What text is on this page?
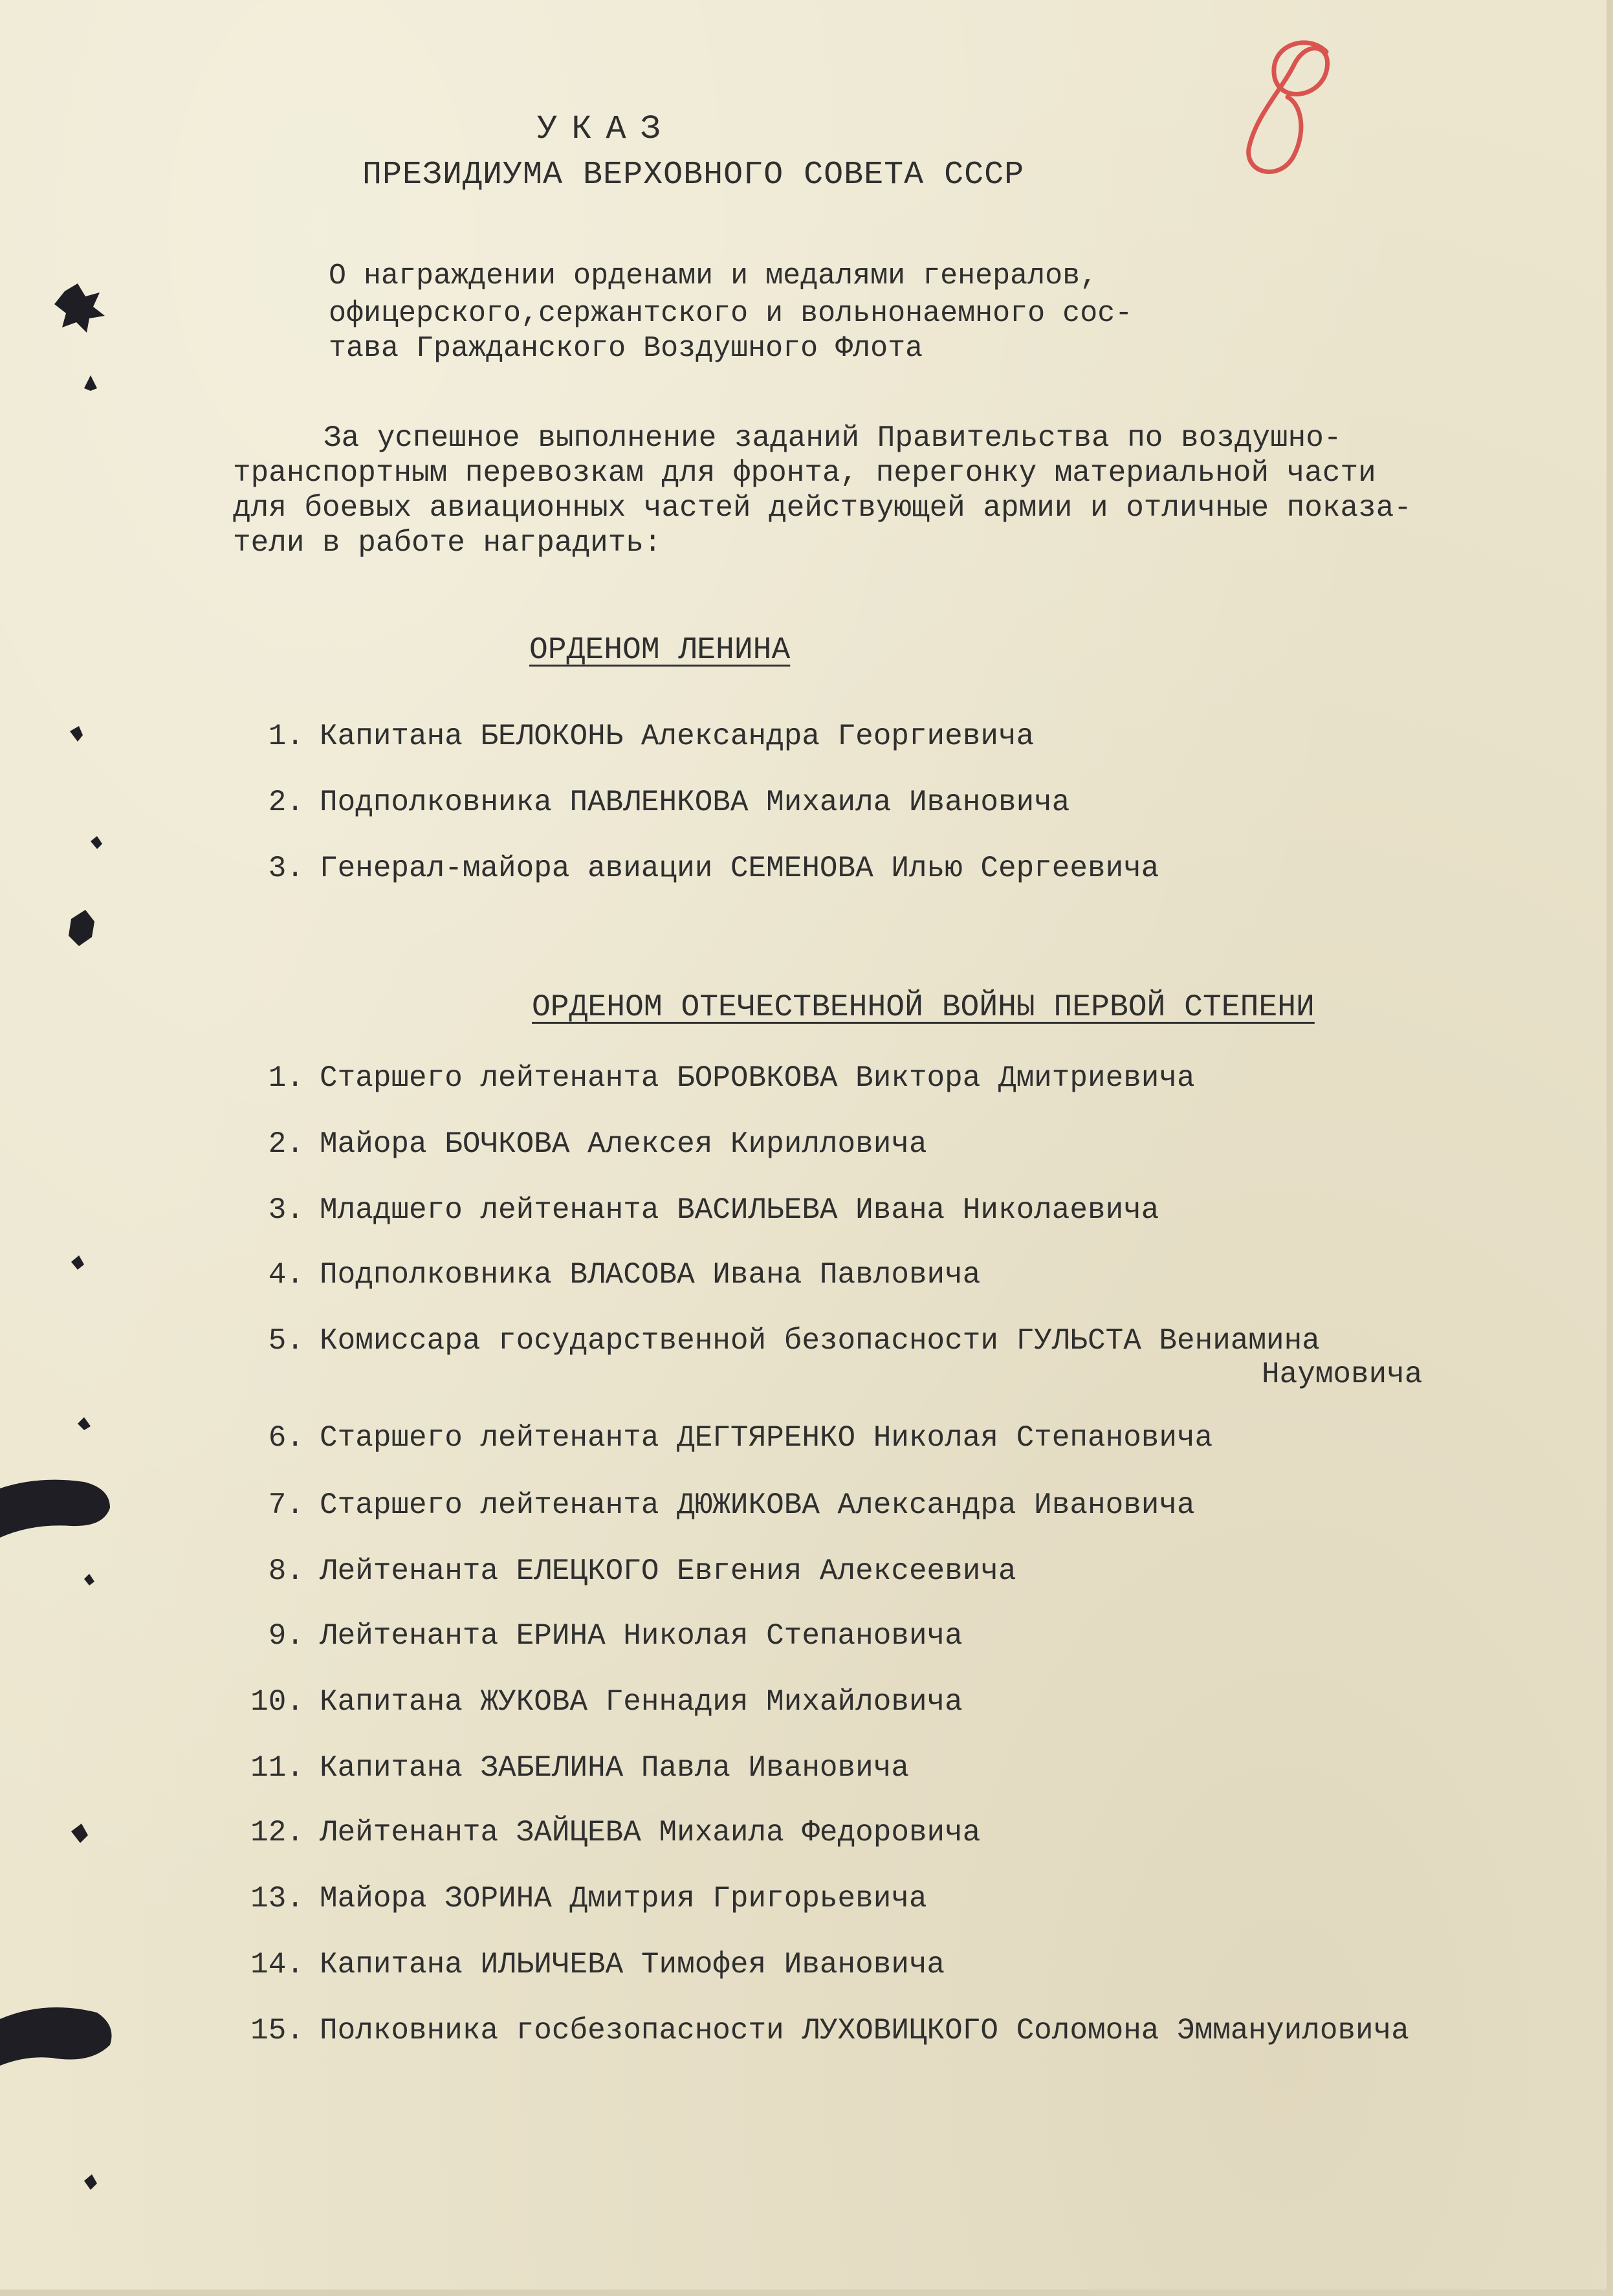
УКАЗ
ПРЕЗИДИУМА ВЕРХОВНОГО СОВЕТА СССР
О награждении орденами и медалями генералов,
офицерского,сержантского и вольнонаемного сос-
тава Гражданского Воздушного Флота
За успешное выполнение заданий Правительства по воздушно-
транспортным перевозкам для фронта, перегонку материальной части
для боевых авиационных частей действующей армии и отличные показа-
тели в работе наградить:
ОРДЕНОМ ЛЕНИНА
1. Капитана БЕЛОКОНЬ Александра Георгиевича
2. Подполковника ПАВЛЕНКОВА Михаила Ивановича
3. Генерал-майора авиации СЕМЕНОВА Илью Сергеевича
ОРДЕНОМ ОТЕЧЕСТВЕННОЙ ВОЙНЫ ПЕРВОЙ СТЕПЕНИ
1. Старшего лейтенанта БОРОВКОВА Виктора Дмитриевича
2. Майора БОЧКОВА Алексея Кирилловича
3. Младшего лейтенанта ВАСИЛЬЕВА Ивана Николаевича
4. Подполковника ВЛАСОВА Ивана Павловича
5. Комиссара государственной безопасности ГУЛЬСТА Вениамина
Наумовича
6. Старшего лейтенанта ДЕГТЯРЕНКО Николая Степановича
7. Старшего лейтенанта ДЮЖИКОВА Александра Ивановича
8. Лейтенанта ЕЛЕЦКОГО Евгения Алексеевича
9. Лейтенанта ЕРИНА Николая Степановича
10. Капитана ЖУКОВА Геннадия Михайловича
11. Капитана ЗАБЕЛИНА Павла Ивановича
12. Лейтенанта ЗАЙЦЕВА Михаила Федоровича
13. Майора ЗОРИНА Дмитрия Григорьевича
14. Капитана ИЛЬИЧЕВА Тимофея Ивановича
15. Полковника госбезопасности ЛУХОВИЦКОГО Соломона Эммануиловича
